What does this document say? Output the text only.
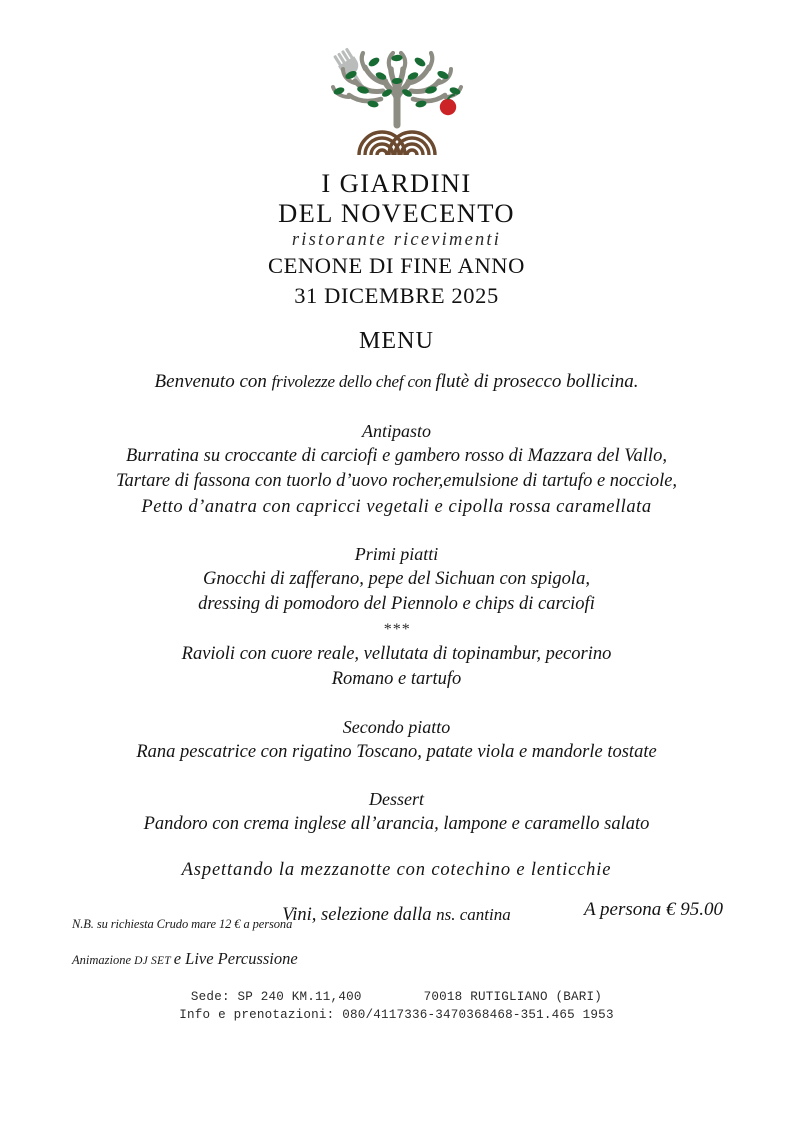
I GIARDINI
DEL NOVECENTO
ristorante ricevimenti
CENONE DI FINE ANNO
31 DICEMBRE 2025
MENU
Benvenuto con frivolezze dello chef con flutè di prosecco bollicina.
Antipasto
Burratina su croccante di carciofi e gambero rosso di Mazzara del Vallo,
Tartare di fassona con tuorlo d’uovo rocher,emulsione di tartufo e nocciole,
Petto d’anatra con capricci vegetali e cipolla rossa caramellata
Primi piatti
Gnocchi di zafferano, pepe del Sichuan con spigola,
dressing di pomodoro del Piennolo e chips di carciofi
***
Ravioli con cuore reale, vellutata di topinambur, pecorino
Romano e tartufo
Secondo piatto
Rana pescatrice con rigatino Toscano, patate viola e mandorle tostate
Dessert
Pandoro con crema inglese all’arancia, lampone e caramello salato
Aspettando la mezzanotte con cotechino e lenticchie
Vini, selezione dalla ns. cantina	A persona € 95.00
N.B. su richiesta Crudo mare 12 € a persona
Animazione DJ SET e Live Percussione
Sede: SP 240 KM.11,400        70018 RUTIGLIANO (BARI)
Info e prenotazioni: 080/4117336-3470368468-351.465 1953
